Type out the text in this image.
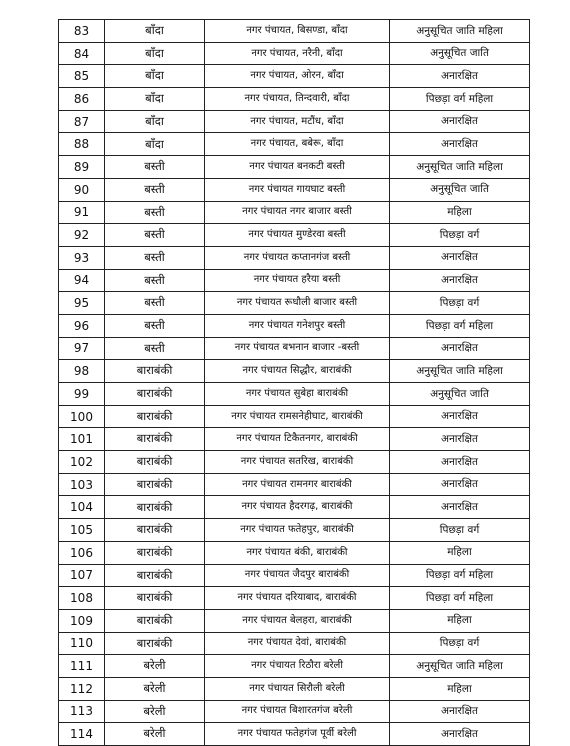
83	बाँदा	नगर पंचायत, बिसण्डा, बाँदा	अनुसूचित जाति महिला
84	बाँदा	नगर पंचायत, नरैनी, बाँदा	अनुसूचित जाति
85	बाँदा	नगर पंचायत, ओरन, बाँदा	अनारक्षित
86	बाँदा	नगर पंचायत, तिन्दवारी, बाँदा	पिछड़ा वर्ग महिला
87	बाँदा	नगर पंचायत, मटौंध, बाँदा	अनारक्षित
88	बाँदा	नगर पंचायत, बबेरू, बाँदा	अनारक्षित
89	बस्ती	नगर पंचायत बनकटी बस्ती	अनुसूचित जाति महिला
90	बस्ती	नगर पंचायत गायघाट बस्ती	अनुसूचित जाति
91	बस्ती	नगर पंचायत नगर बाजार बस्ती	महिला
92	बस्ती	नगर पंचायत मुण्डेरवा बस्ती	पिछड़ा वर्ग
93	बस्ती	नगर पंचायत कप्तानगंज बस्ती	अनारक्षित
94	बस्ती	नगर पंचायत हरैया बस्ती	अनारक्षित
95	बस्ती	नगर पंचायत रूधौली बाजार बस्ती	पिछड़ा वर्ग
96	बस्ती	नगर पंचायत गनेशपुर बस्ती	पिछड़ा वर्ग महिला
97	बस्ती	नगर पंचायत बभनान बाजार -बस्ती	अनारक्षित
98	बाराबंकी	नगर पंचायत सिद्धौर, बाराबंकी	अनुसूचित जाति महिला
99	बाराबंकी	नगर पंचायत सुबेहा बाराबंकी	अनुसूचित जाति
100	बाराबंकी	नगर पंचायत रामसनेहीघाट, बाराबंकी	अनारक्षित
101	बाराबंकी	नगर पंचायत टिकैतनगर, बाराबंकी	अनारक्षित
102	बाराबंकी	नगर पंचायत सतरिख, बाराबंकी	अनारक्षित
103	बाराबंकी	नगर पंचायत रामनगर बाराबंकी	अनारक्षित
104	बाराबंकी	नगर पंचायत हैदरगढ़, बाराबंकी	अनारक्षित
105	बाराबंकी	नगर पंचायत फतेहपुर, बाराबंकी	पिछड़ा वर्ग
106	बाराबंकी	नगर पंचायत बंकी, बाराबंकी	महिला
107	बाराबंकी	नगर पंचायत जैदपुर बाराबंकी	पिछड़ा वर्ग महिला
108	बाराबंकी	नगर पंचायत दरियाबाद, बाराबंकी	पिछड़ा वर्ग महिला
109	बाराबंकी	नगर पंचायत बेलहरा, बाराबंकी	महिला
110	बाराबंकी	नगर पंचायत देवां, बाराबंकी	पिछड़ा वर्ग
111	बरेली	नगर पंचायत रिठौरा बरेली	अनुसूचित जाति महिला
112	बरेली	नगर पंचायत सिरौली बरेली	महिला
113	बरेली	नगर पंचायत बिशारतगंज बरेली	अनारक्षित
114	बरेली	नगर पंचायत फतेहगंज पूर्वी बरेली	अनारक्षित
